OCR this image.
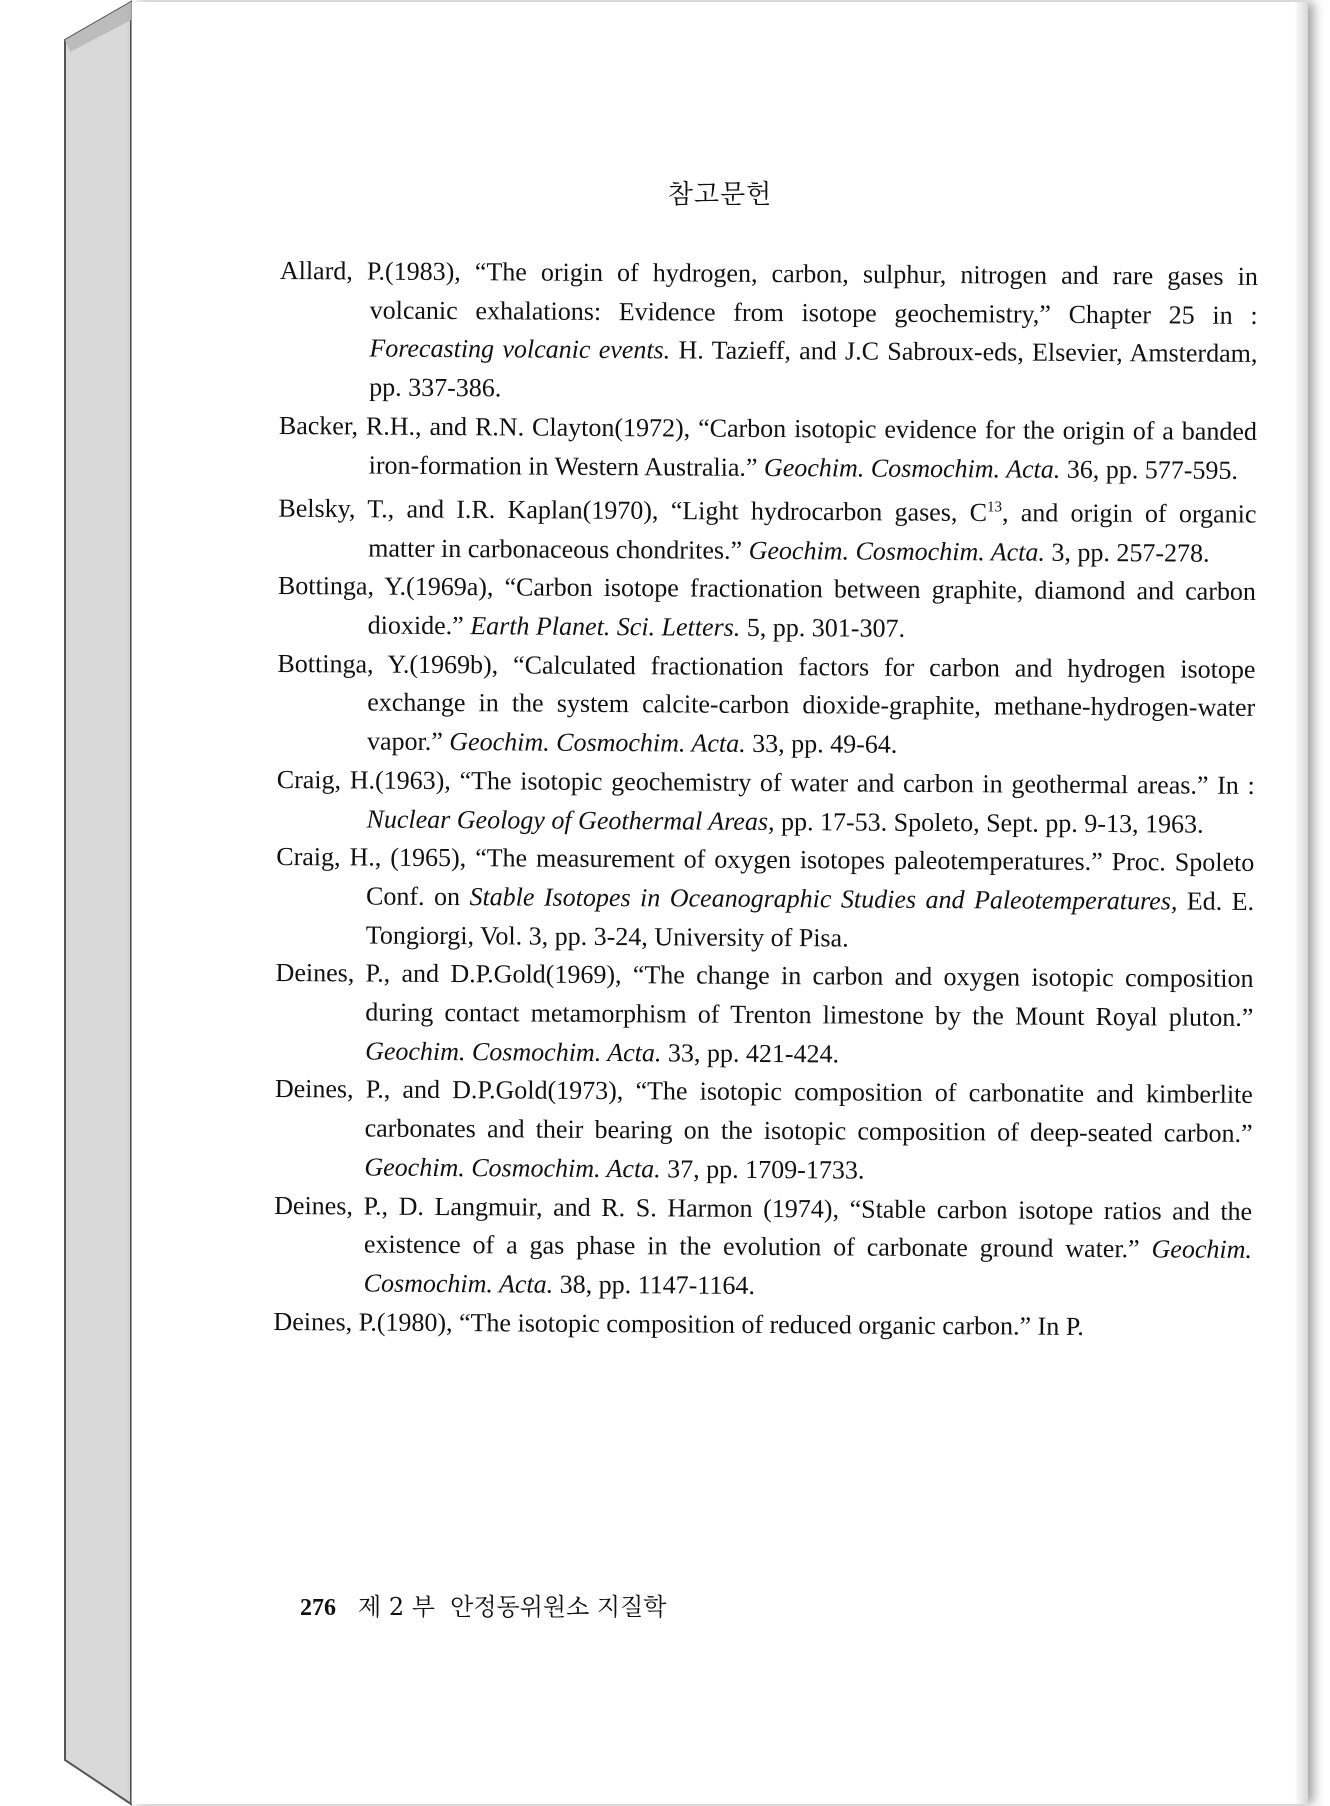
참고문헌

Allard, P.(1983), “The origin of hydrogen, carbon, sulphur, nitrogen and rare gases in volcanic exhalations: Evidence from isotope geochemistry,” Chapter 25 in : Forecasting volcanic events. H. Tazieff, and J.C Sabroux-eds, Elsevier, Amsterdam, pp. 337-386.

Backer, R.H., and R.N. Clayton(1972), “Carbon isotopic evidence for the origin of a banded iron-formation in Western Australia.” Geochim. Cosmochim. Acta. 36, pp. 577-595.

Belsky, T., and I.R. Kaplan(1970), “Light hydrocarbon gases, $C^{13}$, and origin of organic matter in carbonaceous chondrites.” Geochim. Cosmochim. Acta. 3, pp. 257-278.

Bottinga, Y.(1969a), “Carbon isotope fractionation between graphite, diamond and carbon dioxide.” Earth Planet. Sci. Letters. 5, pp. 301-307.

Bottinga, Y.(1969b), “Calculated fractionation factors for carbon and hydrogen isotope exchange in the system calcite-carbon dioxide-graphite, methane-hydrogen-water vapor.” Geochim. Cosmochim. Acta. 33, pp. 49-64.

Craig, H.(1963), “The isotopic geochemistry of water and carbon in geothermal areas.” In : Nuclear Geology of Geothermal Areas, pp. 17-53. Spoleto, Sept. pp. 9-13, 1963.

Craig, H., (1965), “The measurement of oxygen isotopes paleotemperatures.” Proc. Spoleto Conf. on Stable Isotopes in Oceanographic Studies and Paleotemperatures, Ed. E. Tongiorgi, Vol. 3, pp. 3-24, University of Pisa.

Deines, P., and D.P.Gold(1969), “The change in carbon and oxygen isotopic composition during contact metamorphism of Trenton limestone by the Mount Royal pluton.” Geochim. Cosmochim. Acta. 33, pp. 421-424.

Deines, P., and D.P.Gold(1973), “The isotopic composition of carbonatite and kimberlite carbonates and their bearing on the isotopic composition of deep-seated carbon.” Geochim. Cosmochim. Acta. 37, pp. 1709-1733.

Deines, P., D. Langmuir, and R. S. Harmon (1974), “Stable carbon isotope ratios and the existence of a gas phase in the evolution of carbonate ground water.” Geochim. Cosmochim. Acta. 38, pp. 1147-1164.

Deines, P.(1980), “The isotopic composition of reduced organic carbon.” In P.

276 제 2 부 안정동위원소 지질학
